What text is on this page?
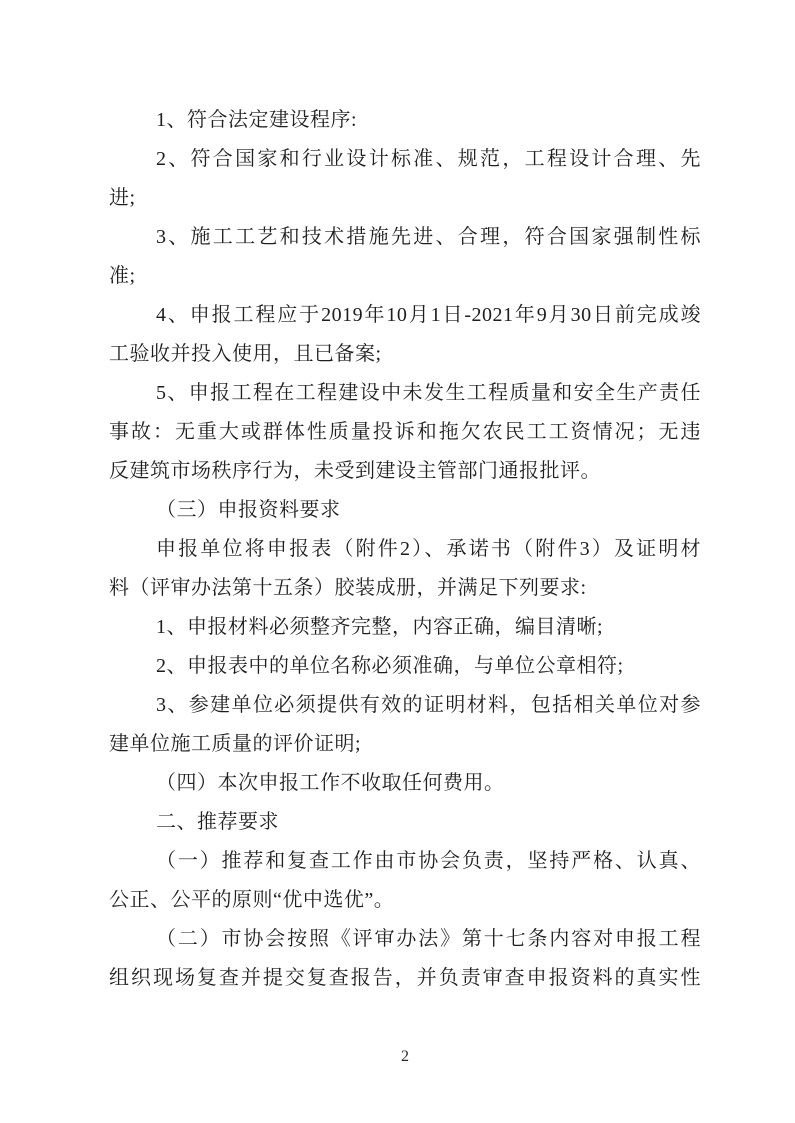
1、符合法定建设程序:
2、符合国家和行业设计标准、规范，工程设计合理、先
进;
3、施工工艺和技术措施先进、合理，符合国家强制性标
准;
4、申报工程应于2019年10月1日-2021年9月30日前完成竣
工验收并投入使用，且已备案;
5、申报工程在工程建设中未发生工程质量和安全生产责任
事故：无重大或群体性质量投诉和拖欠农民工工资情况；无违
反建筑市场秩序行为，未受到建设主管部门通报批评。
（三）申报资料要求
申报单位将申报表（附件2）、承诺书（附件3）及证明材
料（评审办法第十五条）胶装成册，并满足下列要求:
1、申报材料必须整齐完整，内容正确，编目清晰;
2、申报表中的单位名称必须准确，与单位公章相符;
3、参建单位必须提供有效的证明材料，包括相关单位对参
建单位施工质量的评价证明;
（四）本次申报工作不收取任何费用。
二、推荐要求
（一）推荐和复查工作由市协会负责，坚持严格、认真、
公正、公平的原则“优中选优”。
（二）市协会按照《评审办法》第十七条内容对申报工程
组织现场复查并提交复查报告，并负责审查申报资料的真实性
2
